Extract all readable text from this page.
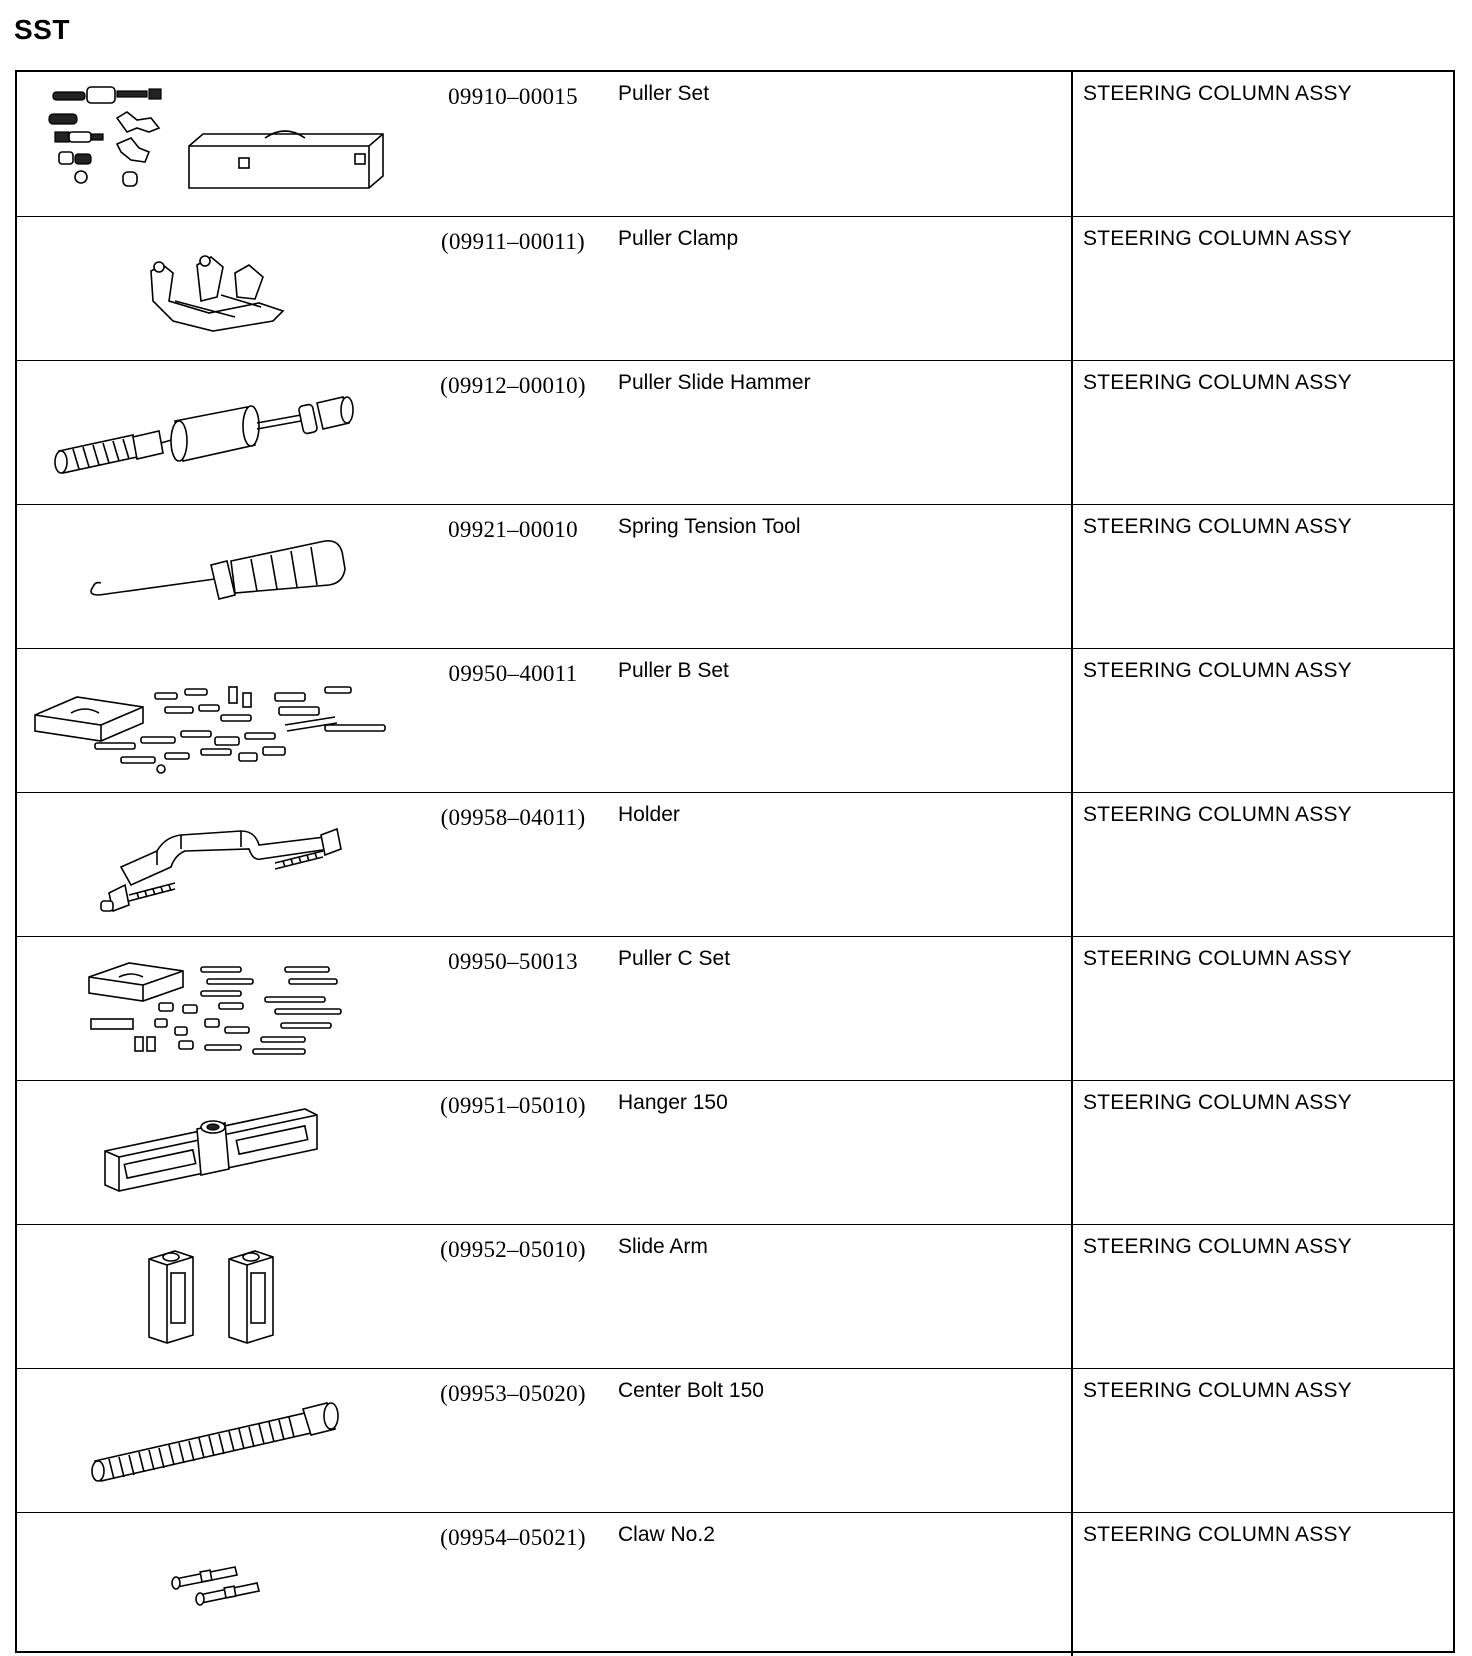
SST
09910–00015	Puller Set	STEERING COLUMN ASSY
(09911–00011)	Puller Clamp	STEERING COLUMN ASSY
(09912–00010)	Puller Slide Hammer	STEERING COLUMN ASSY
09921–00010	Spring Tension Tool	STEERING COLUMN ASSY
09950–40011	Puller B Set	STEERING COLUMN ASSY
(09958–04011)	Holder	STEERING COLUMN ASSY
09950–50013	Puller C Set	STEERING COLUMN ASSY
(09951–05010)	Hanger 150	STEERING COLUMN ASSY
(09952–05010)	Slide Arm	STEERING COLUMN ASSY
(09953–05020)	Center Bolt 150	STEERING COLUMN ASSY
(09954–05021)	Claw No.2	STEERING COLUMN ASSY
